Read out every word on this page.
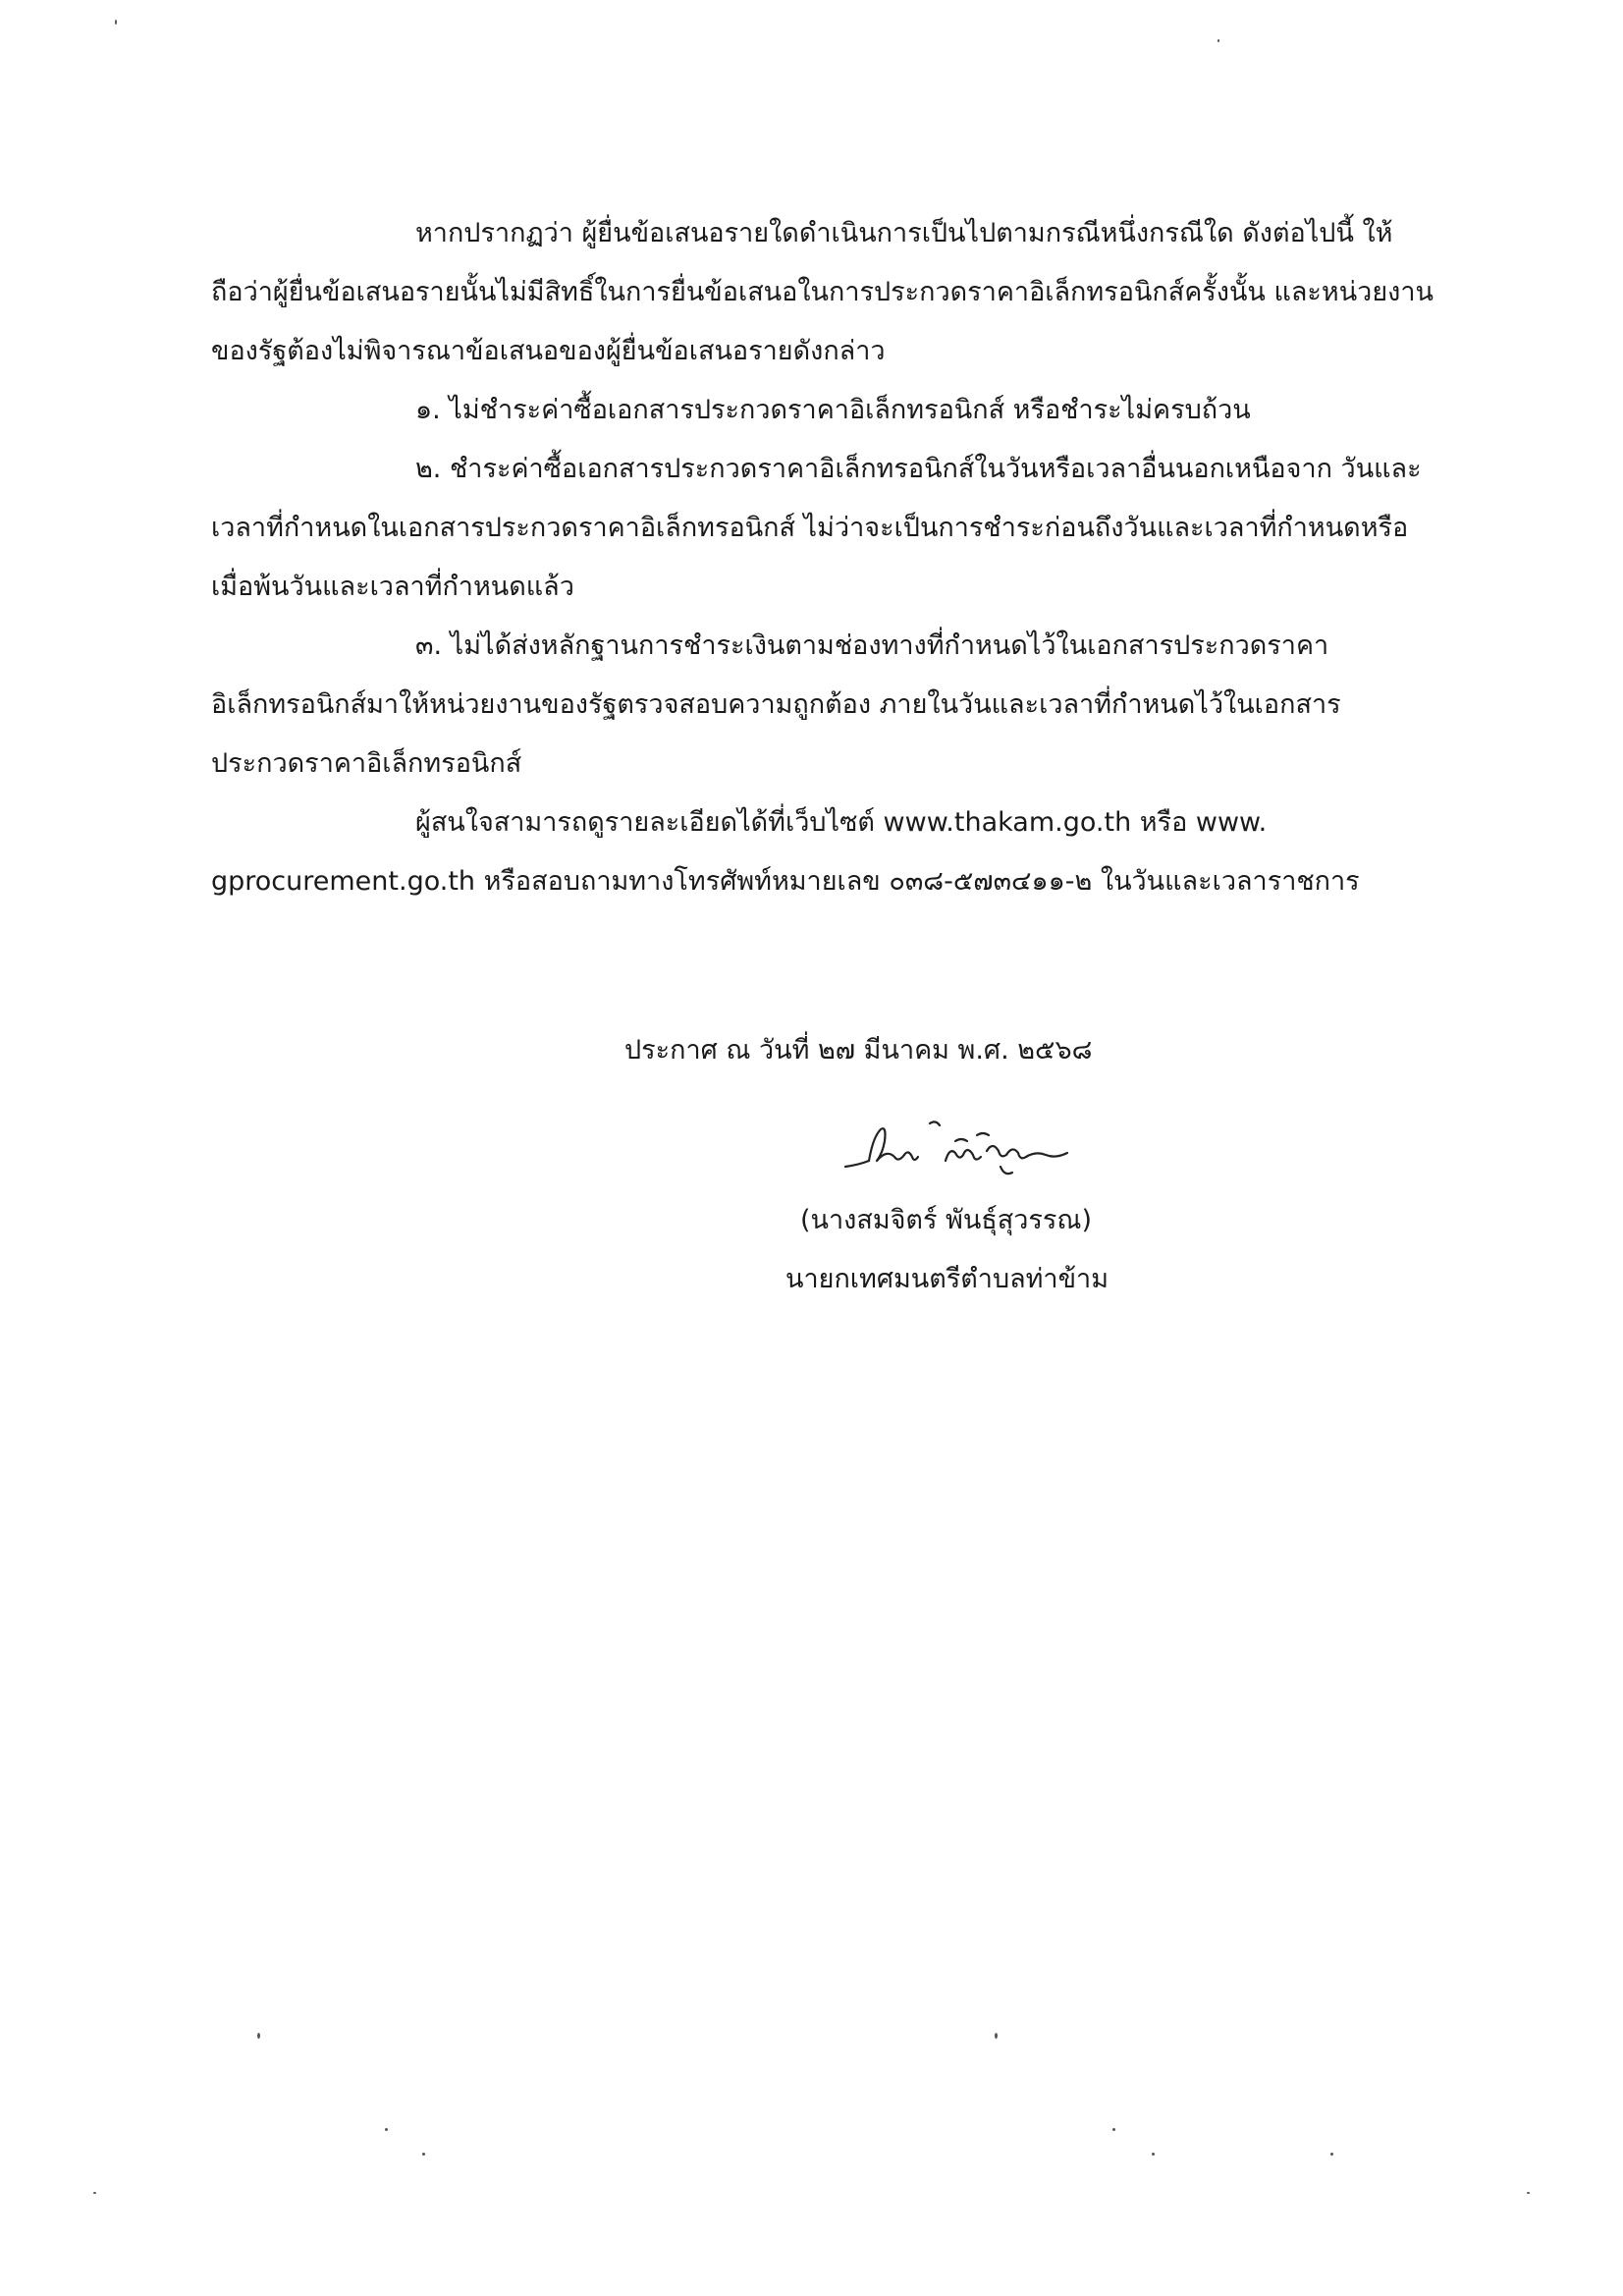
หากปรากฏว่า ผู้ยื่นข้อเสนอรายใดดำเนินการเป็นไปตามกรณีหนึ่งกรณีใด ดังต่อไปนี้ ให้
ถือว่าผู้ยื่นข้อเสนอรายนั้นไม่มีสิทธิ์ในการยื่นข้อเสนอในการประกวดราคาอิเล็กทรอนิกส์ครั้งนั้น และหน่วยงาน
ของรัฐต้องไม่พิจารณาข้อเสนอของผู้ยื่นข้อเสนอรายดังกล่าว
๑. ไม่ชำระค่าซื้อเอกสารประกวดราคาอิเล็กทรอนิกส์ หรือชำระไม่ครบถ้วน
๒. ชำระค่าซื้อเอกสารประกวดราคาอิเล็กทรอนิกส์ในวันหรือเวลาอื่นนอกเหนือจาก วันและ
เวลาที่กำหนดในเอกสารประกวดราคาอิเล็กทรอนิกส์ ไม่ว่าจะเป็นการชำระก่อนถึงวันและเวลาที่กำหนดหรือ
เมื่อพ้นวันและเวลาที่กำหนดแล้ว
๓. ไม่ได้ส่งหลักฐานการชำระเงินตามช่องทางที่กำหนดไว้ในเอกสารประกวดราคา
อิเล็กทรอนิกส์มาให้หน่วยงานของรัฐตรวจสอบความถูกต้อง ภายในวันและเวลาที่กำหนดไว้ในเอกสาร
ประกวดราคาอิเล็กทรอนิกส์
ผู้สนใจสามารถดูรายละเอียดได้ที่เว็บไซต์ www.thakam.go.th หรือ www.
gprocurement.go.th หรือสอบถามทางโทรศัพท์หมายเลข ๐๓๘-๕๗๓๔๑๑-๒ ในวันและเวลาราชการ
ประกาศ ณ วันที่ ๒๗ มีนาคม พ.ศ. ๒๕๖๘
(นางสมจิตร์ พันธุ์สุวรรณ)
นายกเทศมนตรีตำบลท่าข้าม
